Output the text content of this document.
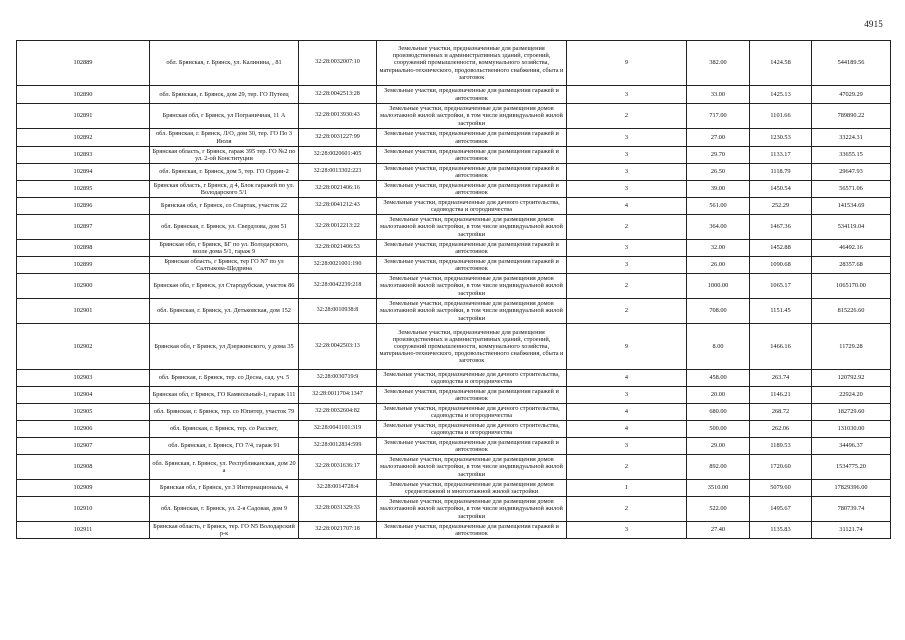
4915
102889	обл. Брянская, г. Брянск, ул. Калинина, , 81	32:28:0032007:10	Земельные участки, предназначенные для размещения производственных и административных зданий, строений, сооружений промышленности, коммунального хозяйства, материально-технического, продовольственного снабжения, сбыта и заготовок	9	382.00	1424.58	544189.56
102890	обл. Брянская, г. Брянск, дом 29, тер. ГО Путеец	32:28:0042513:28	Земельные участки, предназначенные для размещения гаражей и автостоянок	3	33.00	1425.13	47029.29
102891	Брянская обл, г Брянск, ул Пограничная, 11 А	32:28:0013930:43	Земельные участки, предназначенные для размещения домов малоэтажной жилой застройки, в том числе индивидуальной жилой застройки	2	717.00	1101.66	789890.22
102892	обл. Брянская, г. Брянск, Л/О, дом 30, тер. ГО По 3 Июля	32:28:0031227:99	Земельные участки, предназначенные для размещения гаражей и автостоянок	3	27.00	1230.53	33224.31
102893	Брянская область, г Брянск, гараж 395 тер. ГО №2 по ул. 2-ой Конституции	32:28:0020601:405	Земельные участки, предназначенные для размещения гаражей и автостоянок	3	29.70	1133.17	33655.15
102894	обл. Брянская, г. Брянск, дом 5, тер. ГО Ордин-2	32:28:0013302:223	Земельные участки, предназначенные для размещения гаражей и автостоянок	3	26.50	1118.79	29647.93
102895	Брянская область, г Брянск, д 4, Блок гаражей по ул. Володарского 5/1	32:28:0021406:16	Земельные участки, предназначенные для размещения гаражей и автостоянок	3	39.00	1450.54	56571.06
102896	Брянская обл, г Брянск, со Спартак, участок 22	32:28:0041212:43	Земельные участки, предназначенные для дачного строительства, садоводства и огородничества	4	561.00	252.29	141534.69
102897	обл. Брянская, г. Брянск, ул. Свердлова, дом 51	32:28:0012213:22	Земельные участки, предназначенные для размещения домов малоэтажной жилой застройки, в том числе индивидуальной жилой застройки	2	364.00	1467.36	534119.04
102898	Брянская обл, г Брянск, БГ по ул. Володарского, возле дома 5/1, гараж 9	32:28:0021406:53	Земельные участки, предназначенные для размещения гаражей и автостоянок	3	32.00	1452.88	46492.16
102899	Брянская область, г Брянск, тер ГО N7 по ул Салтыкова-Щедрина	32:28:0021001:190	Земельные участки, предназначенные для размещения гаражей и автостоянок	3	26.00	1090.68	28357.68
102900	Брянская обл, г Брянск, ул Стародубская, участок 86	32:28:0042239:218	Земельные участки, предназначенные для размещения домов малоэтажной жилой застройки, в том числе индивидуальной жилой застройки	2	1000.00	1065.17	1065170.00
102901	обл. Брянская, г. Брянск, ул. Детьковская, дом 152	32:28:0010938:8	Земельные участки, предназначенные для размещения домов малоэтажной жилой застройки, в том числе индивидуальной жилой застройки	2	708.00	1151.45	815226.60
102902	Брянская обл, г Брянск, ул Дзержинского, у дома 35	32:28:0042503:13	Земельные участки, предназначенные для размещения производственных и административных зданий, строений, сооружений промышленности, коммунального хозяйства, материально-технического, продовольственного снабжения, сбыта и заготовок	9	8.00	1466.16	11729.28
102903	обл. Брянская, г. Брянск, тер. со Десна, сад. уч. 5	32:28:0030719:9	Земельные участки, предназначенные для дачного строительства, садоводства и огородничества	4	458.00	263.74	120792.92
102904	Брянская обл, г Брянск, ГО Камвольный-1, гараж 111	32:28:0011704:1347	Земельные участки, предназначенные для размещения гаражей и автостоянок	3	20.00	1146.21	22924.20
102905	обл. Брянская, г. Брянск, тер. со Юпитер, участок 79	32:28:0032604:82	Земельные участки, предназначенные для дачного строительства, садоводства и огородничества	4	680.00	268.72	182729.60
102906	обл. Брянская, г. Брянск, тер. со Рассвет,	32:28:0041101:319	Земельные участки, предназначенные для дачного строительства, садоводства и огородничества	4	500.00	262.06	131030.00
102907	обл. Брянская, г. Брянск, ГО 7/4, гараж 91	32:28:0012834:599	Земельные участки, предназначенные для размещения гаражей и автостоянок	3	29.00	1189.53	34496.37
102908	обл. Брянская, г. Брянск, ул. Республиканская, дом 20 а	32:28:0031636:17	Земельные участки, предназначенные для размещения домов малоэтажной жилой застройки, в том числе индивидуальной жилой застройки	2	892.00	1720.60	1534775.20
102909	Брянская обл, г Брянск, ул 3 Интернационала, 4	32:28:0014728:4	Земельные участки, предназначенные для размещения домов среднеэтажной и многоэтажной жилой застройки	1	3510.00	5079.60	17829396.00
102910	обл. Брянская, г. Брянск, ул. 2-я Садовая, дом 9	32:28:0031329:33	Земельные участки, предназначенные для размещения домов малоэтажной жилой застройки, в том числе индивидуальной жилой застройки	2	522.00	1495.67	780739.74
102911	Брянская область, г Брянск, тер. ГО N5 Володарский р-к	32:28:0021707:18	Земельные участки, предназначенные для размещения гаражей и автостоянок	3	27.40	1135.83	31121.74
